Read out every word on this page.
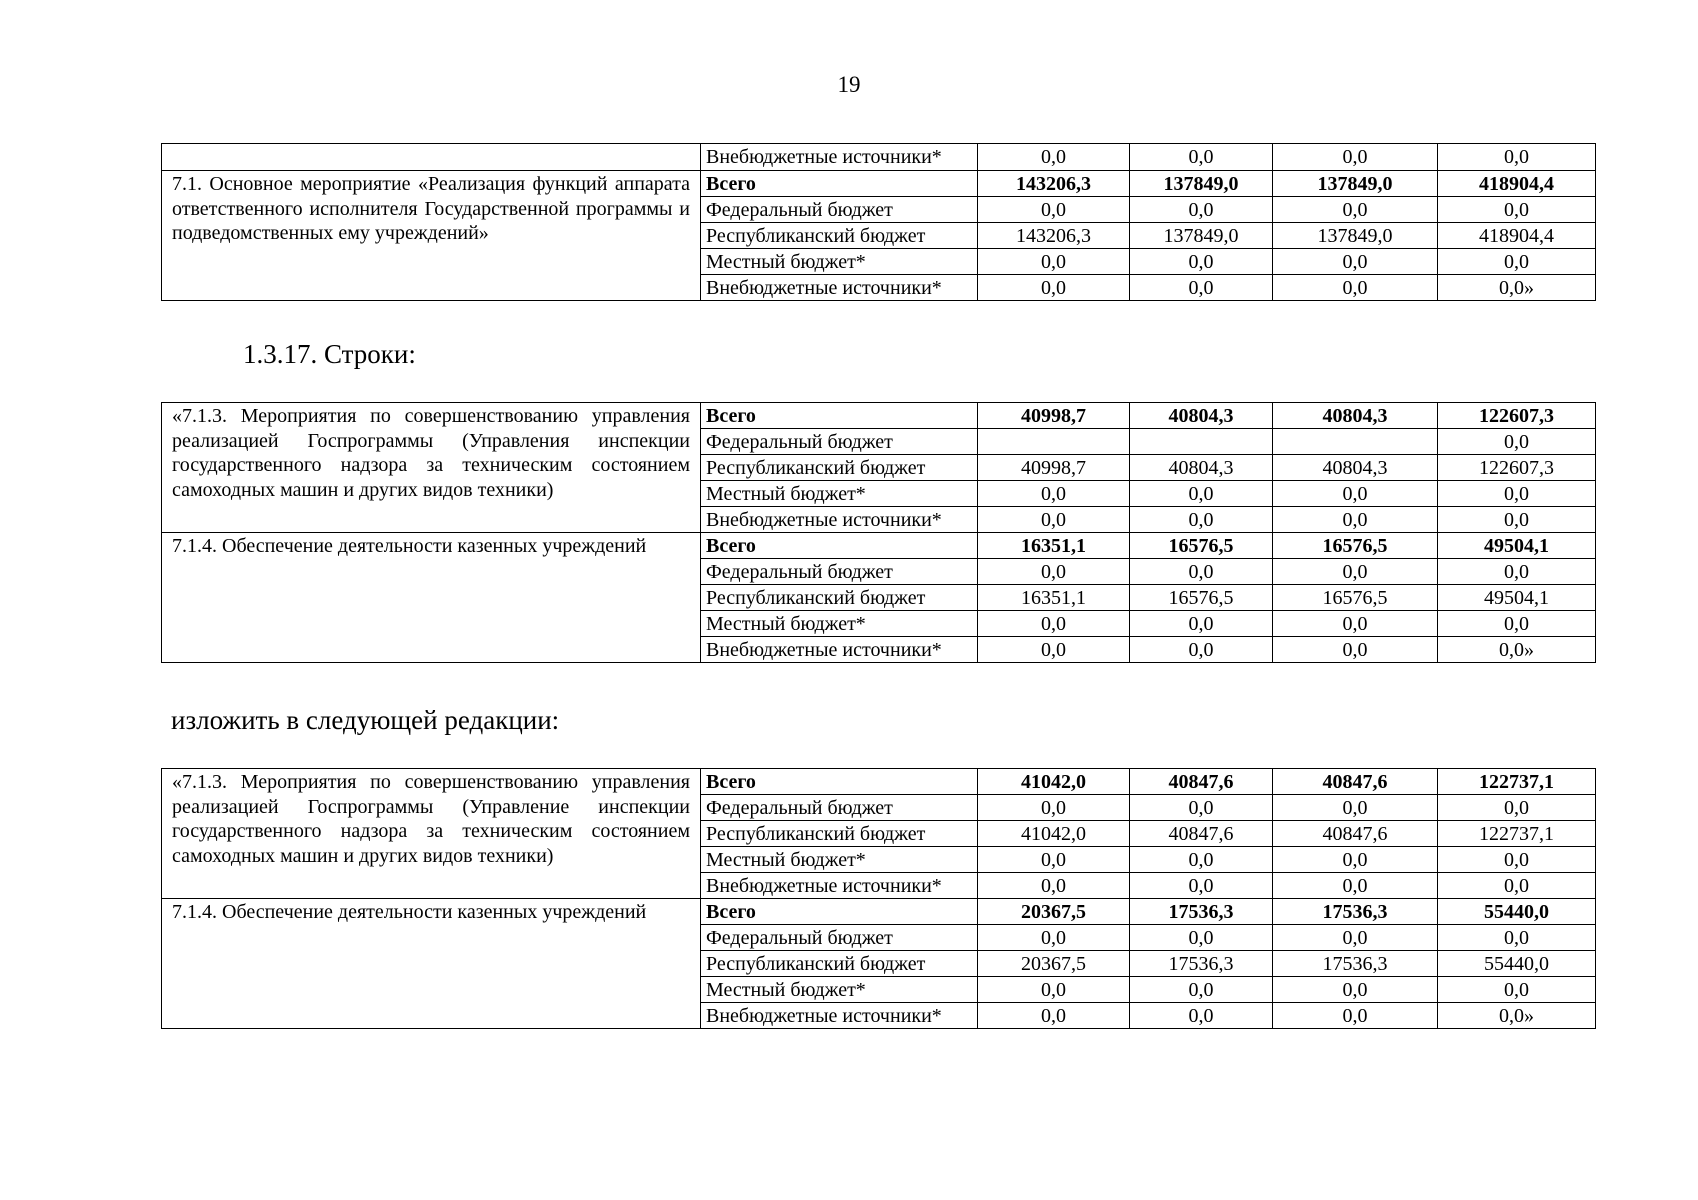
19
	Внебюджетные источники*	0,0	0,0	0,0	0,0
7.1. Основное мероприятие «Реализация функций аппарата ответственного исполнителя Государственной программы и подведомственных ему учреждений»	Всего	143206,3	137849,0	137849,0	418904,4
	Федеральный бюджет	0,0	0,0	0,0	0,0
	Республиканский бюджет	143206,3	137849,0	137849,0	418904,4
	Местный бюджет*	0,0	0,0	0,0	0,0
	Внебюджетные источники*	0,0	0,0	0,0	0,0»
1.3.17. Строки:
«7.1.3. Мероприятия по совершенствованию управления реализацией Госпрограммы (Управления инспекции государственного надзора за техническим состоянием самоходных машин и других видов техники)	Всего	40998,7	40804,3	40804,3	122607,3
	Федеральный бюджет				0,0
	Республиканский бюджет	40998,7	40804,3	40804,3	122607,3
	Местный бюджет*	0,0	0,0	0,0	0,0
	Внебюджетные источники*	0,0	0,0	0,0	0,0
7.1.4. Обеспечение деятельности казенных учреждений	Всего	16351,1	16576,5	16576,5	49504,1
	Федеральный бюджет	0,0	0,0	0,0	0,0
	Республиканский бюджет	16351,1	16576,5	16576,5	49504,1
	Местный бюджет*	0,0	0,0	0,0	0,0
	Внебюджетные источники*	0,0	0,0	0,0	0,0»
изложить в следующей редакции:
«7.1.3. Мероприятия по совершенствованию управления реализацией Госпрограммы (Управление инспекции государственного надзора за техническим состоянием самоходных машин и других видов техники)	Всего	41042,0	40847,6	40847,6	122737,1
	Федеральный бюджет	0,0	0,0	0,0	0,0
	Республиканский бюджет	41042,0	40847,6	40847,6	122737,1
	Местный бюджет*	0,0	0,0	0,0	0,0
	Внебюджетные источники*	0,0	0,0	0,0	0,0
7.1.4. Обеспечение деятельности казенных учреждений	Всего	20367,5	17536,3	17536,3	55440,0
	Федеральный бюджет	0,0	0,0	0,0	0,0
	Республиканский бюджет	20367,5	17536,3	17536,3	55440,0
	Местный бюджет*	0,0	0,0	0,0	0,0
	Внебюджетные источники*	0,0	0,0	0,0	0,0»
